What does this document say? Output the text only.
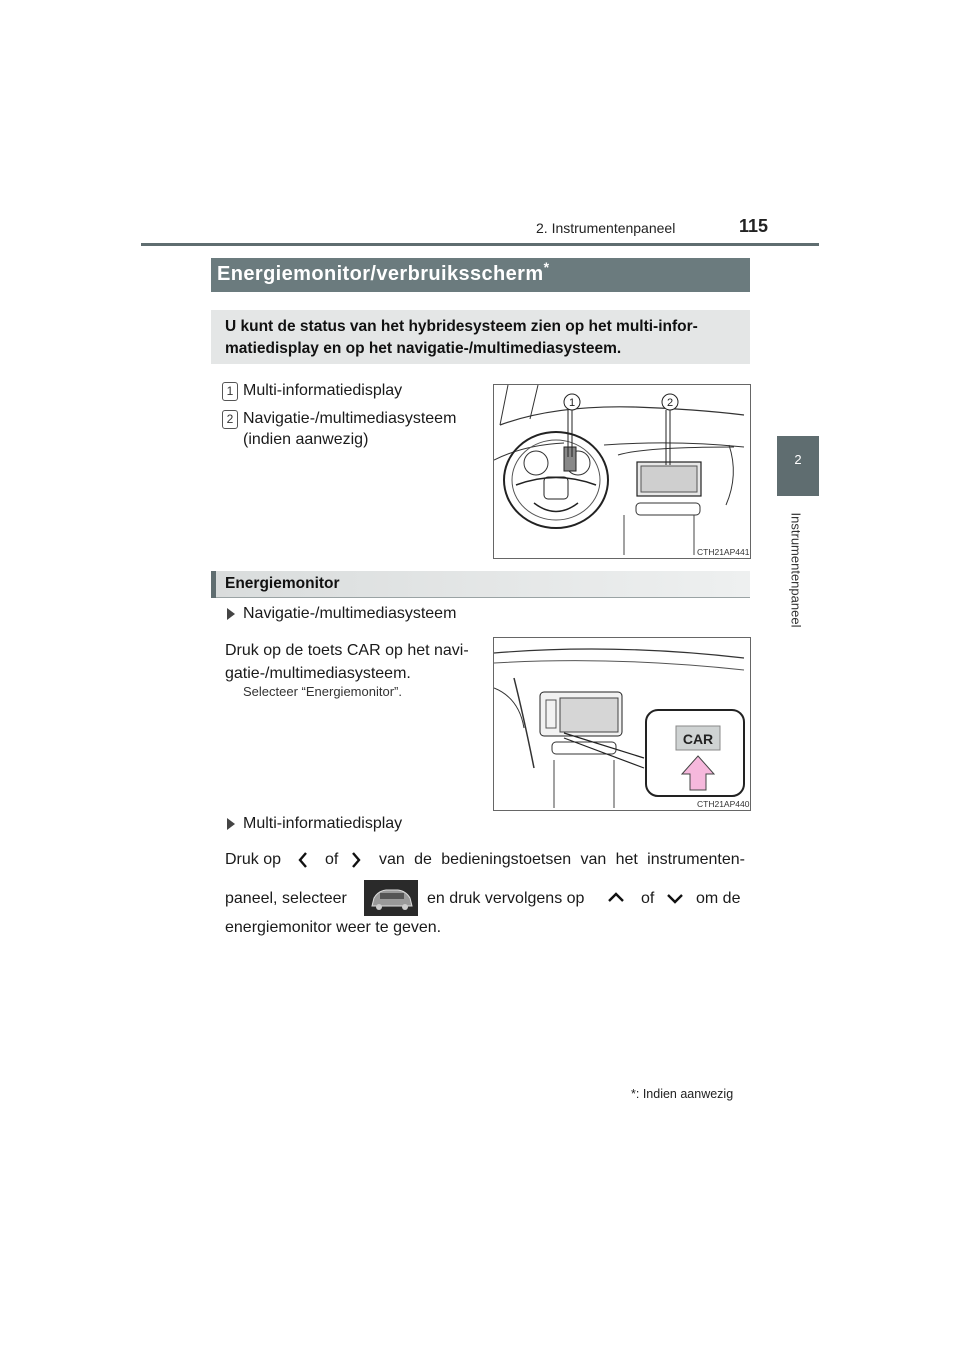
2. Instrumentenpaneel	115
2
Instrumentenpaneel
Energiemonitor/verbruiksscherm*
U kunt de status van het hybridesysteem zien op het multi-informatiedisplay en op het navigatie-/multimediasysteem.
1 Multi-informatiedisplay
2 Navigatie-/multimediasysteem (indien aanwezig)
1	2
CTH21AP441
Energiemonitor
Navigatie-/multimediasysteem
Druk op de toets CAR op het navigatie-/multimediasysteem.
Selecteer “Energiemonitor”.
CAR
CTH21AP440
Multi-informatiedisplay
Druk op	of	van de bedieningstoetsen van het instrumenten-
paneel, selecteer	en druk vervolgens op	of	om de
energiemonitor weer te geven.
*: Indien aanwezig
